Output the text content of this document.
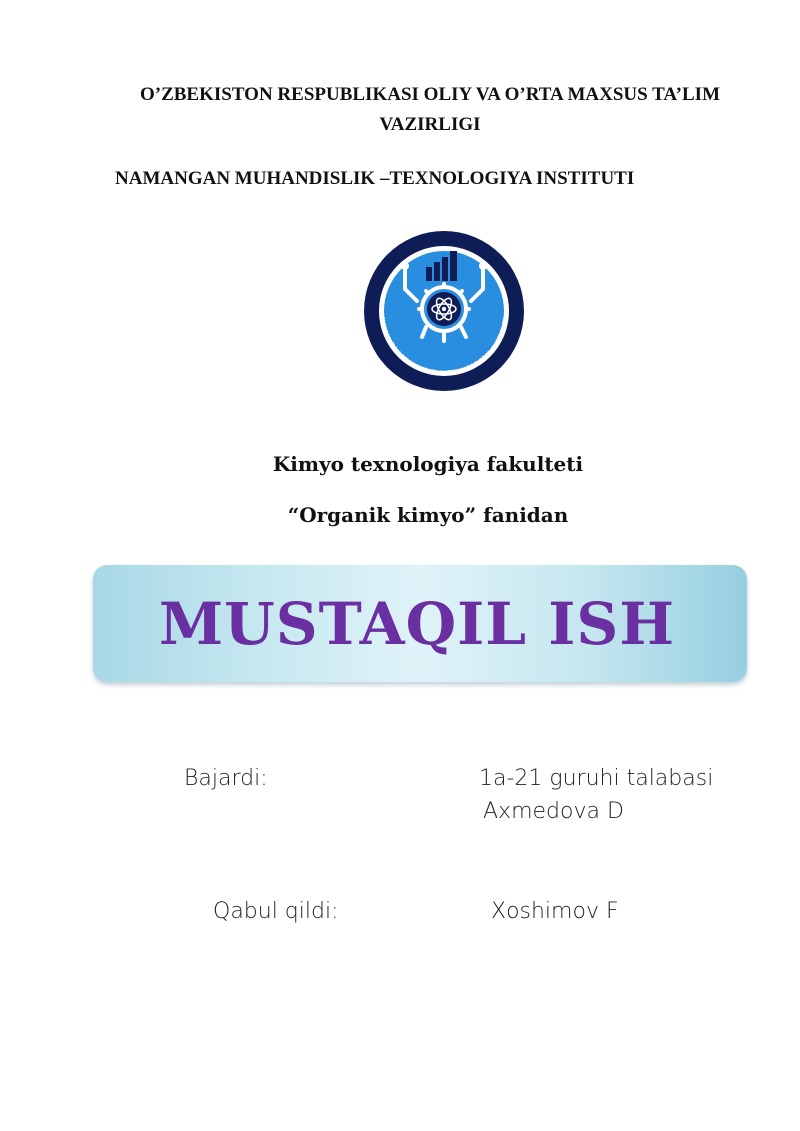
O’ZBEKISTON RESPUBLIKASI OLIY VA O’RTA MAXSUS TA’LIM
VAZIRLIGI
NAMANGAN MUHANDISLIK –TEXNOLOGIYA INSTITUTI
NAMANGAN MUHANDISLIK-TEXNOLOGIYA INSTITUTI
Kimyo texnologiya fakulteti
“Organik kimyo” fanidan
MUSTAQIL ISH
Bajardi:	1a-21 guruhi talabasi
Axmedova D
Qabul qildi:	Xoshimov F
